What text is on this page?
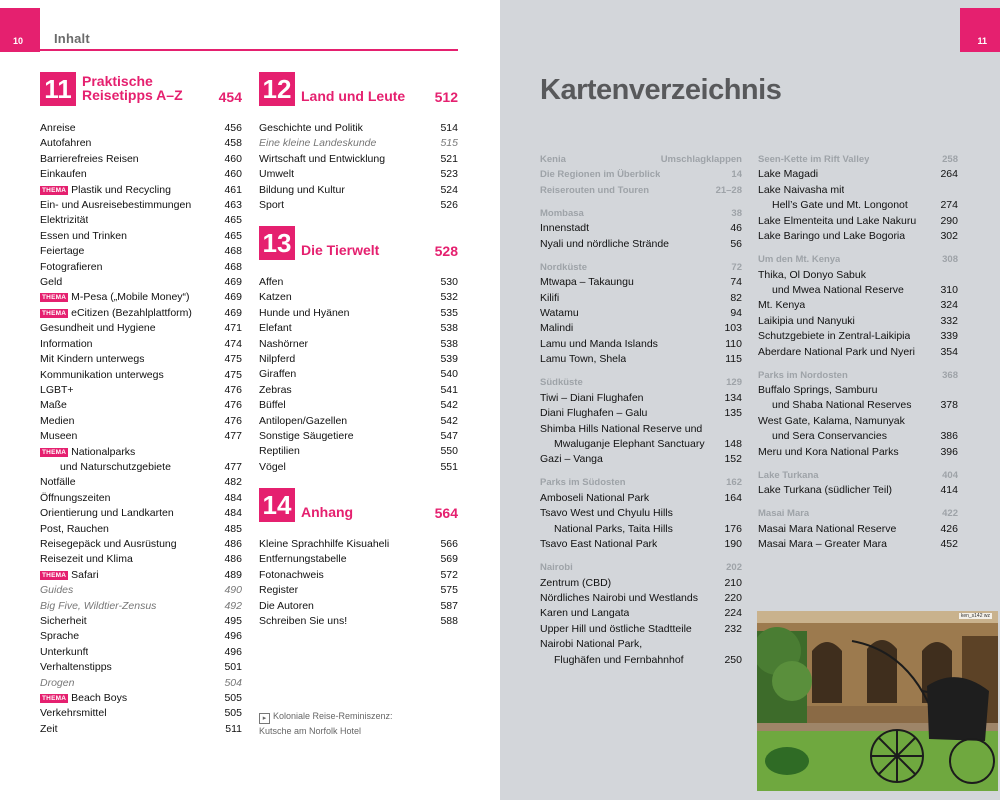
10 Inhalt
11 Praktische
Reisetipps A–Z	454
Anreise	456
Autofahren	458
Barrierefreies Reisen	460
Einkaufen	460
THEMA Plastik und Recycling	461
Ein- und Ausreisebestimmungen	463
Elektrizität	465
Essen und Trinken	465
Feiertage	468
Fotografieren	468
Geld	469
THEMA M-Pesa („Mobile Money“)	469
THEMA eCitizen (Bezahlplattform)	469
Gesundheit und Hygiene	471
Information	474
Mit Kindern unterwegs	475
Kommunikation unterwegs	475
LGBT+	476
Maße	476
Medien	476
Museen	477
THEMA Nationalparks
und Naturschutzgebiete	477
Notfälle	482
Öffnungszeiten	484
Orientierung und Landkarten	484
Post, Rauchen	485
Reisegepäck und Ausrüstung	486
Reisezeit und Klima	486
THEMA Safari	489
Guides	490
Big Five, Wildtier-Zensus	492
Sicherheit	495
Sprache	496
Unterkunft	496
Verhaltenstipps	501
Drogen	504
THEMA Beach Boys	505
Verkehrsmittel	505
Zeit	511
12 Land und Leute 512
Geschichte und Politik	514
Eine kleine Landeskunde	515
Wirtschaft und Entwicklung	521
Umwelt	523
Bildung und Kultur	524
Sport	526
13 Die Tierwelt	528
Affen	530
Katzen	532
Hunde und Hyänen	535
Elefant	538
Nashörner	538
Nilpferd	539
Giraffen	540
Zebras	541
Büffel	542
Antilopen/Gazellen	542
Sonstige Säugetiere	547
Reptilien	550
Vögel	551
14 Anhang	564
Kleine Sprachhilfe Kisuaheli	566
Entfernungstabelle	569
Fotonachweis	572
Register	575
Die Autoren	587
Schreiben Sie uns!	588
▸ Koloniale Reise-Reminiszenz:
Kutsche am Norfolk Hotel
11
Kartenverzeichnis
Kenia	Umschlagklappen
Die Regionen im Überblick	14
Reiserouten und Touren	21–28
Mombasa	38
Innenstadt	46
Nyali und nördliche Strände	56
Nordküste	72
Mtwapa – Takaungu	74
Kilifi	82
Watamu	94
Malindi	103
Lamu und Manda Islands	110
Lamu Town, Shela	115
Südküste	129
Tiwi – Diani Flughafen	134
Diani Flughafen – Galu	135
Shimba Hills National Reserve und
Mwaluganje Elephant Sanctuary	148
Gazi – Vanga	152
Parks im Südosten	162
Amboseli National Park	164
Tsavo West und Chyulu Hills
National Parks, Taita Hills	176
Tsavo East National Park	190
Nairobi	202
Zentrum (CBD)	210
Nördliches Nairobi und Westlands	220
Karen und Langata	224
Upper Hill und östliche Stadtteile	232
Nairobi National Park,
Flughäfen und Fernbahnhof	250
Seen-Kette im Rift Valley	258
Lake Magadi	264
Lake Naivasha mit
Hell’s Gate und Mt. Longonot	274
Lake Elmenteita und Lake Nakuru	290
Lake Baringo und Lake Bogoria	302
Um den Mt. Kenya	308
Thika, Ol Donyo Sabuk
und Mwea National Reserve	310
Mt. Kenya	324
Laikipia und Nanyuki	332
Schutzgebiete in Zentral-Laikipia	339
Aberdare National Park und Nyeri	354
Parks im Nordosten	368
Buffalo Springs, Samburu
und Shaba National Reserves	378
West Gate, Kalama, Namunyak
und Sera Conservancies	386
Meru und Kora National Parks	396
Lake Turkana	404
Lake Turkana (südlicher Teil)	414
Masai Mara	422
Masai Mara National Reserve	426
Masai Mara – Greater Mara	452
ken_s142 wz
